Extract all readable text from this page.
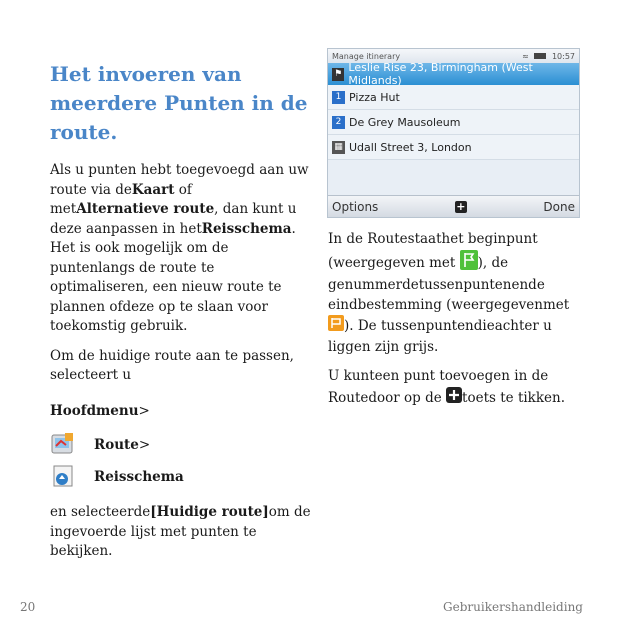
Het invoeren van meerdere Punten in de route.

Als u punten hebt toegevoegd aan uw route via deKaart of metAlternatieve route, dan kunt u deze aanpassen in hetReisschema. Het is ook mogelijk om de puntenlangs de route te optimaliseren, een nieuw route te plannen ofdeze op te slaan voor toekomstig gebruik.

Om de huidige route aan te passen, selecteert u

Hoofdmenu>
Route >
Reisschema

en selecteerde[Huidige route]om de ingevoerde lijst met punten te bekijken.

Manage itinerary	≈	10:57
⚑ Leslie Rise 23, Birmingham (West Midlands)
1 Pizza Hut
2 De Grey Mausoleum
▦ Udall Street 3, London
Options	+	Done

In de Routestaathet beginpunt (weergegeven met ), de genummerdetussenpuntenende eindbestemming (weergegevenmet ). De tussenpuntendieachter u liggen zijn grijs.

U kunteen punt toevoegen in de Routedoor op de toets te tikken.

20	Gebruikershandleiding
